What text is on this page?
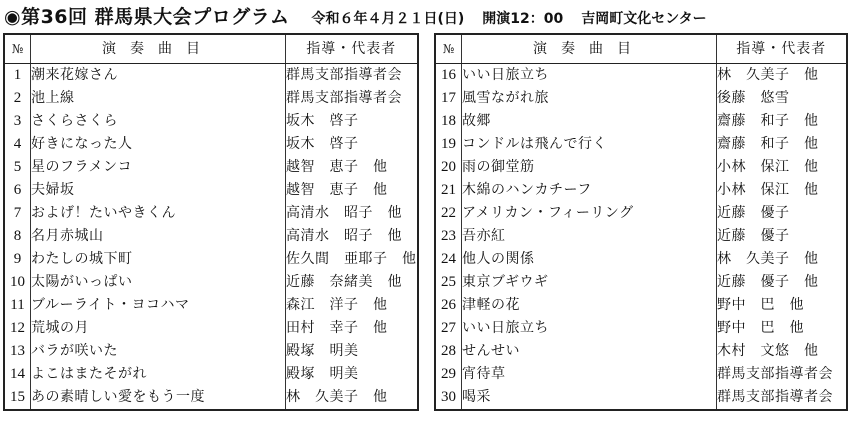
◉第36回 群馬県大会プログラム 令和６年４月２１日(日) 開演12：00 吉岡町文化センター
№	演奏曲目	指導・代表者
1	潮来花嫁さん	群馬支部指導者会
2	池上線	群馬支部指導者会
3	さくらさくら	坂木　啓子
4	好きになった人	坂木　啓子
5	星のフラメンコ	越智　恵子　他
6	夫婦坂	越智　恵子　他
7	およげ！たいやきくん	高清水　昭子　他
8	名月赤城山	高清水　昭子　他
9	わたしの城下町	佐久間　亜耶子　他
10	太陽がいっぱい	近藤　奈緒美　他
11	ブルーライト・ヨコハマ	森江　洋子　他
12	荒城の月	田村　幸子　他
13	バラが咲いた	殿塚　明美
14	よこはまたそがれ	殿塚　明美
15	あの素晴しい愛をもう一度	林　久美子　他
№	演奏曲目	指導・代表者
16	いい日旅立ち	林　久美子　他
17	風雪ながれ旅	後藤　悠雪
18	故郷	齋藤　和子　他
19	コンドルは飛んで行く	齋藤　和子　他
20	雨の御堂筋	小林　保江　他
21	木綿のハンカチーフ	小林　保江　他
22	アメリカン・フィーリング	近藤　優子
23	吾亦紅	近藤　優子
24	他人の関係	林　久美子　他
25	東京ブギウギ	近藤　優子　他
26	津軽の花	野中　巴　他
27	いい日旅立ち	野中　巴　他
28	せんせい	木村　文悠　他
29	宵待草	群馬支部指導者会
30	喝采	群馬支部指導者会
